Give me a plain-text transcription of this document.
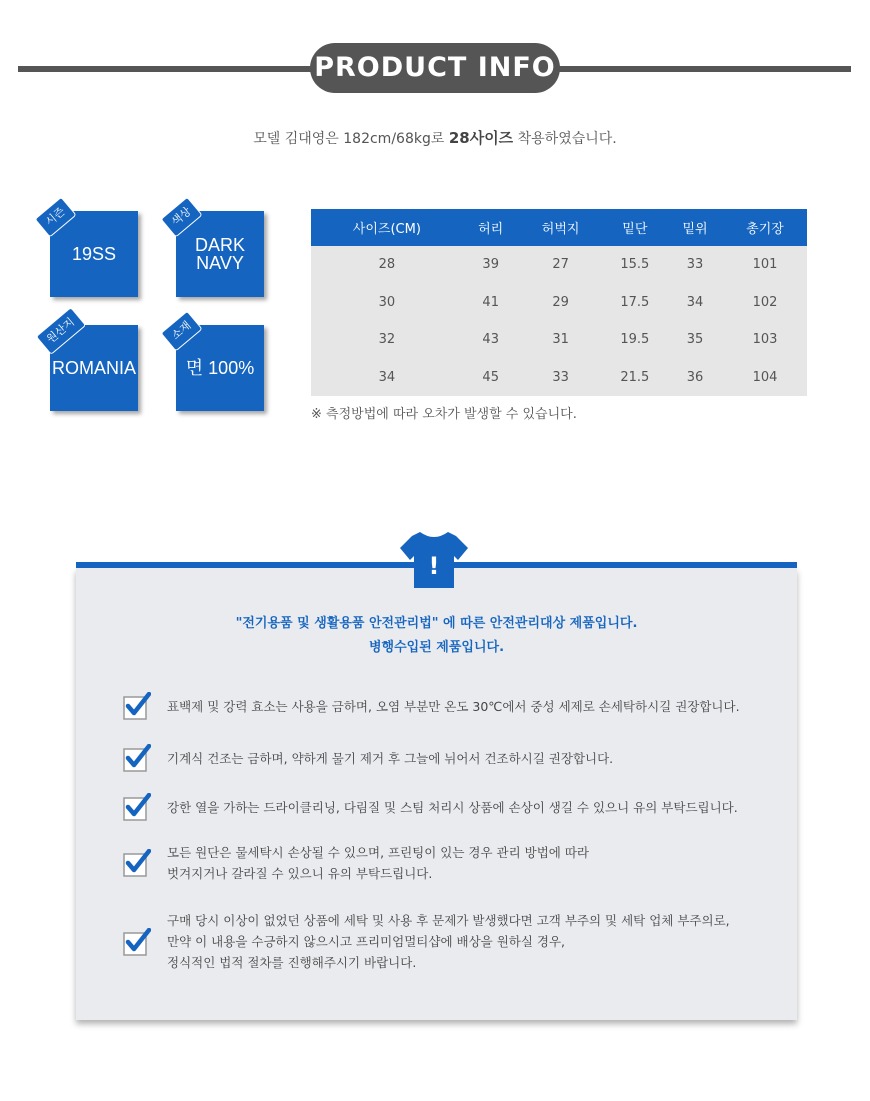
PRODUCT INFO
모델 김대영은 182cm/68kg로 28사이즈 착용하였습니다.
시즌
19SS
색상
DARK NAVY
원산지
ROMANIA
소재
면 100%
사이즈(CM)	허리	허벅지	밑단	밑위	총기장
28	39	27	15.5	33	101
30	41	29	17.5	34	102
32	43	31	19.5	35	103
34	45	33	21.5	36	104
※ 측정방법에 따라 오차가 발생할 수 있습니다.
!
"전기용품 및 생활용품 안전관리법" 에 따른 안전관리대상 제품입니다.
병행수입된 제품입니다.
표백제 및 강력 효소는 사용을 금하며, 오염 부분만 온도 30℃에서 중성 세제로 손세탁하시길 권장합니다.
기계식 건조는 금하며, 약하게 물기 제거 후 그늘에 뉘어서 건조하시길 권장합니다.
강한 열을 가하는 드라이클리닝, 다림질 및 스팀 처리시 상품에 손상이 생길 수 있으니 유의 부탁드립니다.
모든 원단은 물세탁시 손상될 수 있으며, 프린팅이 있는 경우 관리 방법에 따라
벗겨지거나 갈라질 수 있으니 유의 부탁드립니다.
구매 당시 이상이 없었던 상품에 세탁 및 사용 후 문제가 발생했다면 고객 부주의 및 세탁 업체 부주의로,
만약 이 내용을 수긍하지 않으시고 프리미엄멀티샵에 배상을 원하실 경우,
정식적인 법적 절차를 진행해주시기 바랍니다.
